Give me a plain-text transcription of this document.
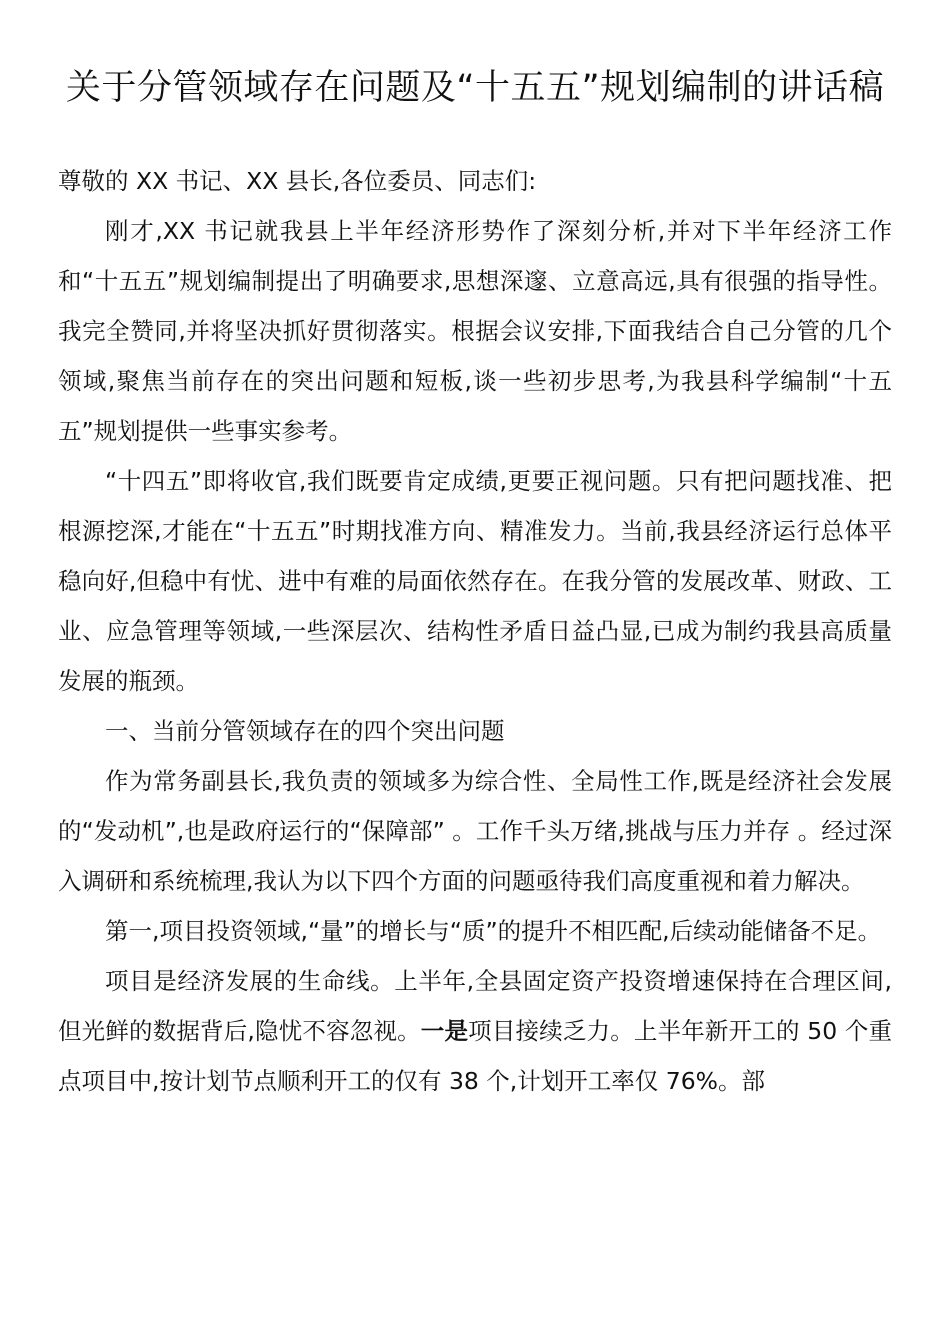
关于分管领域存在问题及“十五五”规划编制的讲话稿

尊敬的 XX 书记、XX 县长,各位委员、同志们:

刚才,XX 书记就我县上半年经济形势作了深刻分析,并对下半年经济工作和“十五五”规划编制提出了明确要求,思想深邃、立意高远,具有很强的指导性。我完全赞同,并将坚决抓好贯彻落实。根据会议安排,下面我结合自己分管的几个领域,聚焦当前存在的突出问题和短板,谈一些初步思考,为我县科学编制“十五五”规划提供一些事实参考。

“十四五”即将收官,我们既要肯定成绩,更要正视问题。只有把问题找准、把根源挖深,才能在“十五五”时期找准方向、精准发力。当前,我县经济运行总体平稳向好,但稳中有忧、进中有难的局面依然存在。在我分管的发展改革、财政、工业、应急管理等领域,一些深层次、结构性矛盾日益凸显,已成为制约我县高质量发展的瓶颈。

一、当前分管领域存在的四个突出问题

作为常务副县长,我负责的领域多为综合性、全局性工作,既是经济社会发展的“发动机”,也是政府运行的“保障部” 。工作千头万绪,挑战与压力并存 。经过深入调研和系统梳理,我认为以下四个方面的问题亟待我们高度重视和着力解决。

第一,项目投资领域,“量”的增长与“质”的提升不相匹配,后续动能储备不足。

项目是经济发展的生命线。上半年,全县固定资产投资增速保持在合理区间,但光鲜的数据背后,隐忧不容忽视。一是项目接续乏力。上半年新开工的 50 个重点项目中,按计划节点顺利开工的仅有 38 个,计划开工率仅 76%。部
